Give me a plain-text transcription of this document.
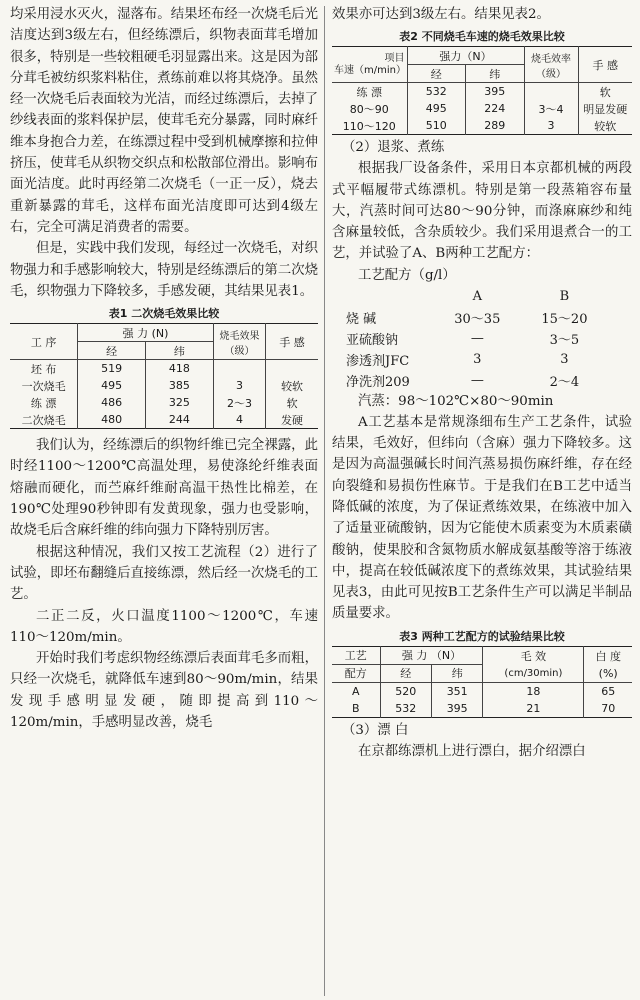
均采用浸水灭火，湿落布。结果坯布经一次烧毛后光洁度达到3级左右，但经练漂后，织物表面茸毛增加很多，特别是一些较粗硬毛羽显露出来。这是因为部分茸毛被纺织浆料粘住，煮练前难以将其烧净。虽然经一次烧毛后表面较为光洁，而经过练漂后，去掉了纱线表面的浆料保护层，使茸毛充分暴露，同时麻纤维本身抱合力差，在练漂过程中受到机械摩擦和拉伸挤压，使茸毛从织物交织点和松散部位滑出。影响布面光洁度。此时再经第二次烧毛（一正一反），烧去重新暴露的茸毛，这样布面光洁度即可达到4级左右，完全可满足消费者的需要。

但是，实践中我们发现，每经过一次烧毛，对织物强力和手感影响较大，特别是经练漂后的第二次烧毛，织物强力下降较多，手感发硬，其结果见表1。

表1 二次烧毛效果比较
工 序	强 力 (N)		烧毛效果（级）	手 感
	经	纬		
坯 布	519	418		
一次烧毛	495	385	3	较软
练 漂	486	325	2～3	软
二次烧毛	480	244	4	发硬

我们认为，经练漂后的织物纤维已完全裸露，此时经1100～1200℃高温处理，易使涤纶纤维表面熔融而硬化，而苎麻纤维耐高温干热性比棉差，在190℃处理90秒钟即有发黄现象，强力也受影响，故烧毛后含麻纤维的纬向强力下降特别厉害。

根据这种情况，我们又按工艺流程（2）进行了试验，即坯布翻缝后直接练漂，然后经一次烧毛的工艺。

二正二反，火口温度1100～1200℃，车速110～120m/min。

开始时我们考虑织物经练漂后表面茸毛多而粗，只经一次烧毛，就降低车速到80～90m/min，结果发现手感明显发硬，随即提高到110～120m/min，手感明显改善，烧毛

效果亦可达到3级左右。结果见表2。

表2 不同烧毛车速的烧毛效果比较
项目
车速（m/min）	强力（N）		烧毛效率（级）	手 感
	经	纬		
练 漂	532	395		软
80～90	495	224	3～4	明显发硬
110～120	510	289	3	较软
（2）退浆、煮练

根据我厂设备条件，采用日本京都机械的两段式平幅履带式练漂机。特别是第一段蒸箱容布量大，汽蒸时间可达80～90分钟，而涤麻麻纱和纯含麻量较低，含杂质较少。我们采用退煮合一的工艺，并试验了A、B两种工艺配方：

工艺配方（g/l）
	A	B
烧 碱	30～35	15～20
亚硫酸钠	—	3～5
渗透剂JFC	3	3
净洗剂209	—	2～4
汽蒸：98～102℃×80～90min

A工艺基本是常规涤细布生产工艺条件，试验结果，毛效好，但纬向（含麻）强力下降较多。这是因为高温强碱长时间汽蒸易损伤麻纤维，存在经向裂缝和易损伤性麻节。于是我们在B工艺中适当降低碱的浓度，为了保证煮练效果，在练液中加入了适量亚硫酸钠，因为它能使木质素变为木质素磺酸钠，使果胶和含氮物质水解成氨基酸等溶于练液中，提高在较低碱浓度下的煮练效果，其试验结果见表3，由此可见按B工艺条件生产可以满足半制品质量要求。

表3 两种工艺配方的试验结果比较
工艺	强 力 （N）		毛 效	白 度
配方	经	纬	(cm/30min)	(%)
A	520	351	18	65
B	532	395	21	70
（3）漂 白

在京都练漂机上进行漂白，据介绍漂白
